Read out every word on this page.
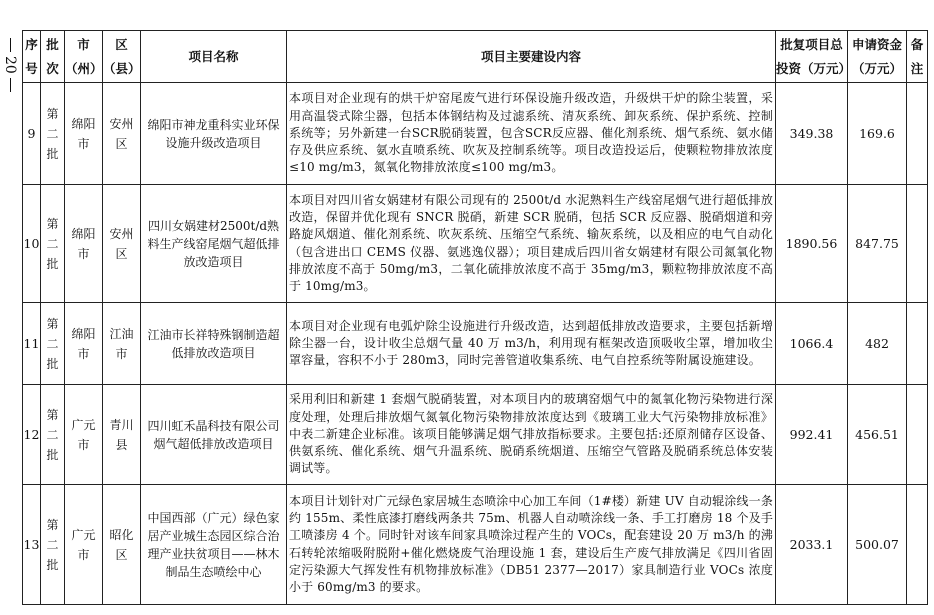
20
序号	批次	市（州）	区（县）	项目名称	项目主要建设内容	批复项目总投资（万元）	申请资金（万元）	备注
9	第二批	绵阳市	安州区	绵阳市神龙重科实业环保设施升级改造项目	本项目对企业现有的烘干炉窑尾废气进行环保设施升级改造，升级烘干炉的除尘装置，采用高温袋式除尘器，包括本体钢结构及过滤系统、清灰系统、卸灰系统、保护系统、控制系统等；另外新建一台SCR脱硝装置，包含SCR反应器、催化剂系统、烟气系统、氨水储存及供应系统、氨水直喷系统、吹灰及控制系统等。项目改造投运后，使颗粒物排放浓度≤10 mg/m3，氮氧化物排放浓度≤100 mg/m3。	349.38	169.6	
10	第二批	绵阳市	安州区	四川女娲建材2500t/d熟料生产线窑尾烟气超低排放改造项目	本项目对四川省女娲建材有限公司现有的 2500t/d 水泥熟料生产线窑尾烟气进行超低排放改造，保留并优化现有 SNCR 脱硝，新建 SCR 脱硝，包括 SCR 反应器、脱硝烟道和旁路旋风烟道、催化剂系统、吹灰系统、压缩空气系统、输灰系统，以及相应的电气自动化（包含进出口 CEMS 仪器、氨逃逸仪器）；项目建成后四川省女娲建材有限公司氮氧化物排放浓度不高于 50mg/m3，二氧化硫排放浓度不高于 35mg/m3，颗粒物排放浓度不高于 10mg/m3。	1890.56	847.75	
11	第二批	绵阳市	江油市	江油市长祥特殊钢制造超低排放改造项目	本项目对企业现有电弧炉除尘设施进行升级改造，达到超低排放改造要求，主要包括新增除尘器一台，设计收尘总烟气量 40 万 m3/h，利用现有框架改造顶吸收尘罩，增加收尘罩容量，容积不小于 280m3，同时完善管道收集系统、电气自控系统等附属设施建设。	1066.4	482	
12	第二批	广元市	青川县	四川虹禾晶科技有限公司烟气超低排放改造项目	采用利旧和新建 1 套烟气脱硝装置，对本项目内的玻璃窑烟气中的氮氧化物污染物进行深度处理，处理后排放烟气氮氧化物污染物排放浓度达到《玻璃工业大气污染物排放标准》中表二新建企业标准。该项目能够满足烟气排放指标要求。主要包括:还原剂储存区设备、供氨系统、催化系统、烟气升温系统、脱硝系统烟道、压缩空气管路及脱硝系统总体安装调试等。	992.41	456.51	
13	第二批	广元市	昭化区	中国西部（广元）绿色家居产业城生态园区综合治理产业扶贫项目——林木制品生态喷绘中心	本项目计划针对广元绿色家居城生态喷涂中心加工车间（1#楼）新建 UV 自动辊涂线一条约 155m、柔性底漆打磨线两条共 75m、机器人自动喷涂线一条、手工打磨房 18 个及手工喷漆房 4 个。同时针对该车间家具喷涂过程产生的 VOCs，配套建设 20 万 m3/h 的沸石转轮浓缩吸附脱附+催化燃烧废气治理设施 1 套，建设后生产废气排放满足《四川省固定污染源大气挥发性有机物排放标准》（DB51 2377—2017）家具制造行业 VOCs 浓度小于 60mg/m3 的要求。	2033.1	500.07	
